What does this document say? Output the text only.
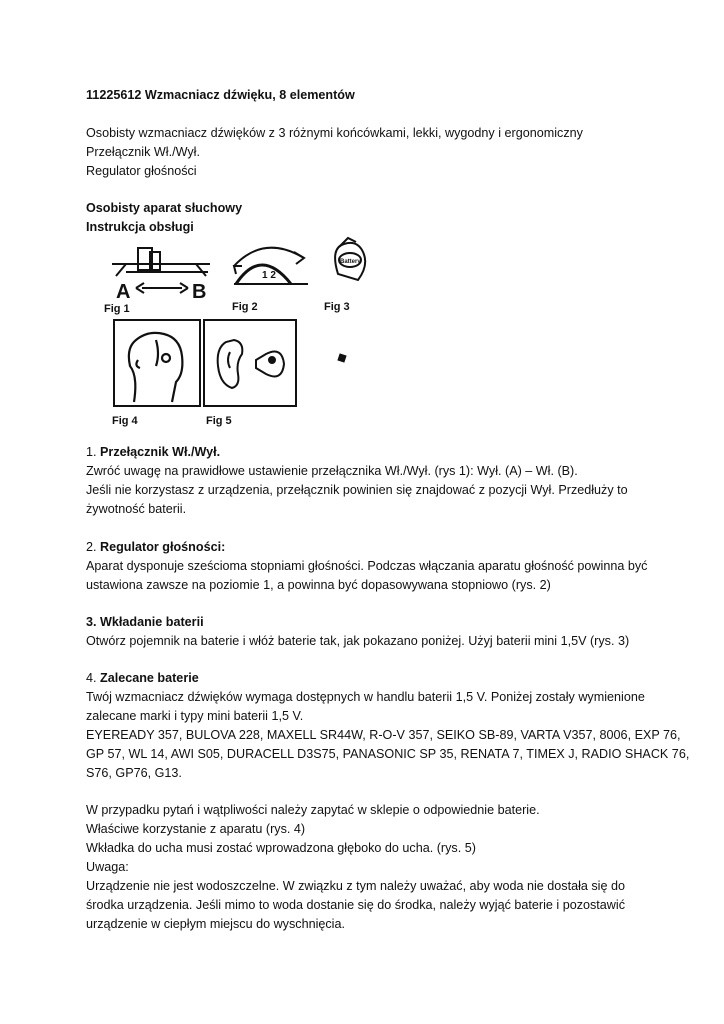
11225612 Wzmacniacz dźwięku, 8 elementów
Osobisty wzmacniacz dźwięków z 3 różnymi końcówkami, lekki, wygodny i ergonomiczny
Przełącznik Wł./Wył.
Regulator głośności
Osobisty aparat słuchowy
Instrukcja obsługi
A	B
1 2
Battery
Fig 1	Fig 2	Fig 3
Fig 4	Fig 5
1. Przełącznik Wł./Wył.
Zwróć uwagę na prawidłowe ustawienie przełącznika Wł./Wył. (rys 1): Wył. (A) – Wł. (B).
Jeśli nie korzystasz z urządzenia, przełącznik powinien się znajdować z pozycji Wył. Przedłuży to
żywotność baterii.
2. Regulator głośności:
Aparat dysponuje sześcioma stopniami głośności. Podczas włączania aparatu głośność powinna być
ustawiona zawsze na poziomie 1, a powinna być dopasowywana stopniowo (rys. 2)
3. Wkładanie baterii
Otwórz pojemnik na baterie i włóż baterie tak, jak pokazano poniżej. Użyj baterii mini 1,5V (rys. 3)
4. Zalecane baterie
Twój wzmacniacz dźwięków wymaga dostępnych w handlu baterii 1,5 V. Poniżej zostały wymienione
zalecane marki i typy mini baterii 1,5 V.
EYEREADY 357, BULOVA 228, MAXELL SR44W, R-O-V 357, SEIKO SB-89, VARTA V357, 8006, EXP 76,
GP 57, WL 14, AWI S05, DURACELL D3S75, PANASONIC SP 35, RENATA 7, TIMEX J, RADIO SHACK 76,
S76, GP76, G13.
W przypadku pytań i wątpliwości należy zapytać w sklepie o odpowiednie baterie.
Właściwe korzystanie z aparatu (rys. 4)
Wkładka do ucha musi zostać wprowadzona głęboko do ucha. (rys. 5)
Uwaga:
Urządzenie nie jest wodoszczelne. W związku z tym należy uważać, aby woda nie dostała się do
środka urządzenia. Jeśli mimo to woda dostanie się do środka, należy wyjąć baterie i pozostawić
urządzenie w ciepłym miejscu do wyschnięcia.
